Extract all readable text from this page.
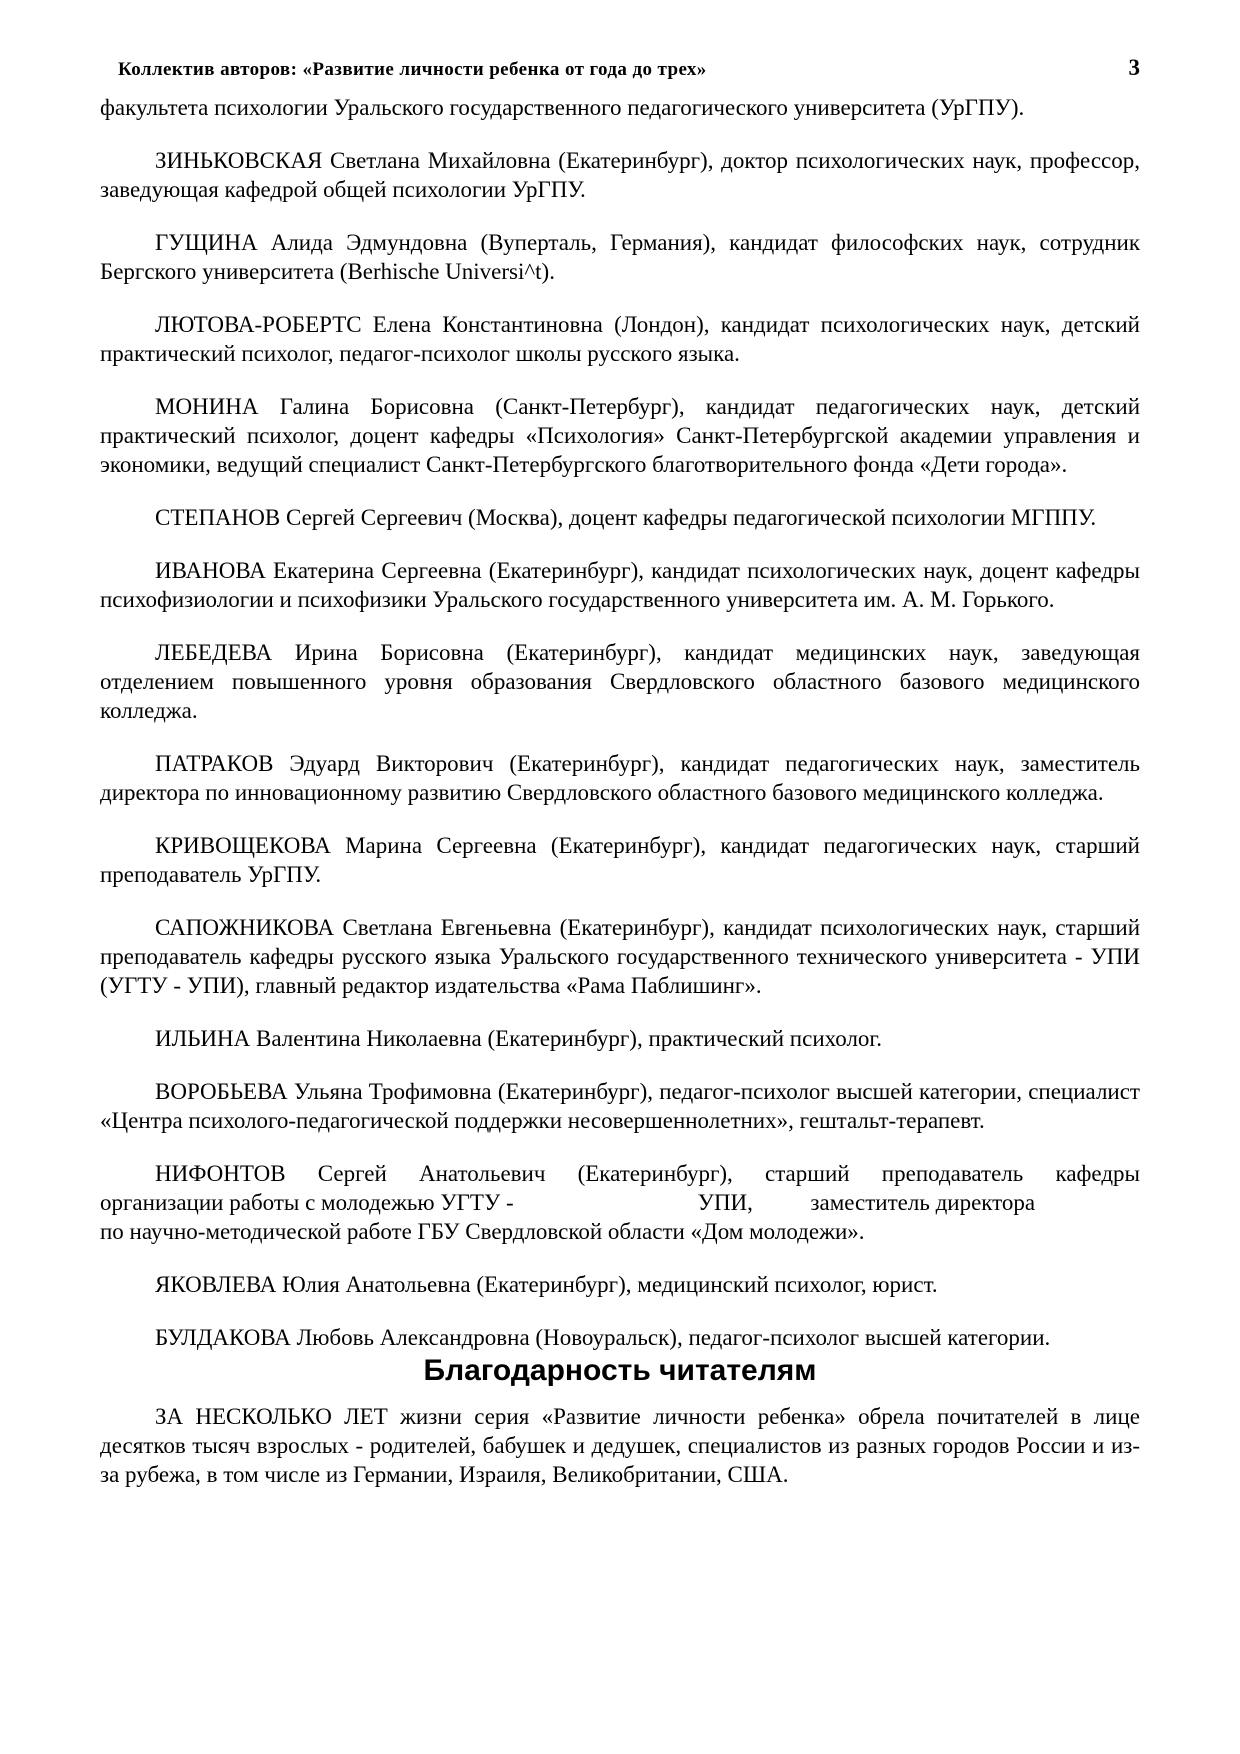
Коллектив авторов: «Развитие личности ребенка от года до трех»	3

факультета психологии Уральского государственного педагогического университета (УрГПУ).

ЗИНЬКОВСКАЯ Светлана Михайловна (Екатеринбург), доктор психологических наук, профессор, заведующая кафедрой общей психологии УрГПУ.

ГУЩИНА Алида Эдмундовна (Вуперталь, Германия), кандидат философских наук, сотрудник Бергского университета (Berhische Universi^t).

ЛЮТОВА-РОБЕРТС Елена Константиновна (Лондон), кандидат психологических наук, детский практический психолог, педагог-психолог школы русского языка.

МОНИНА Галина Борисовна (Санкт-Петербург), кандидат педагогических наук, детский практический психолог, доцент кафедры «Психология» Санкт-Петербургской академии управления и экономики, ведущий специалист Санкт-Петербургского благотворительного фонда «Дети города».

СТЕПАНОВ Сергей Сергеевич (Москва), доцент кафедры педагогической психологии МГППУ.

ИВАНОВА Екатерина Сергеевна (Екатеринбург), кандидат психологических наук, доцент кафедры психофизиологии и психофизики Уральского государственного университета им. А. М. Горького.

ЛЕБЕДЕВА Ирина Борисовна (Екатеринбург), кандидат медицинских наук, заведующая отделением повышенного уровня образования Свердловского областного базового медицинского колледжа.

ПАТРАКОВ Эдуард Викторович (Екатеринбург), кандидат педагогических наук, заместитель директора по инновационному развитию Свердловского областного базового медицинского колледжа.

КРИВОЩЕКОВА Марина Сергеевна (Екатеринбург), кандидат педагогических наук, старший преподаватель УрГПУ.

САПОЖНИКОВА Светлана Евгеньевна (Екатеринбург), кандидат психологических наук, старший преподаватель кафедры русского языка Уральского государственного технического университета - УПИ (УГТУ - УПИ), главный редактор издательства «Рама Паблишинг».

ИЛЬИНА Валентина Николаевна (Екатеринбург), практический психолог.

ВОРОБЬЕВА Ульяна Трофимовна (Екатеринбург), педагог-психолог высшей категории, специалист «Центра психолого-педагогической поддержки несовершеннолетних», гештальт-терапевт.

НИФОНТОВ Сергей Анатольевич (Екатеринбург), старший преподаватель кафедры
организации работы с молодежью УГТУ -                                УПИ,          заместитель директора
по научно-методической работе ГБУ Свердловской области «Дом молодежи».

ЯКОВЛЕВА Юлия Анатольевна (Екатеринбург), медицинский психолог, юрист.

БУЛДАКОВА Любовь Александровна (Новоуральск), педагог-психолог высшей категории.

Благодарность читателям

ЗА НЕСКОЛЬКО ЛЕТ жизни серия «Развитие личности ребенка» обрела почитателей в лице десятков тысяч взрослых - родителей, бабушек и дедушек, специалистов из разных городов России и из-за рубежа, в том числе из Германии, Израиля, Великобритании, США.
